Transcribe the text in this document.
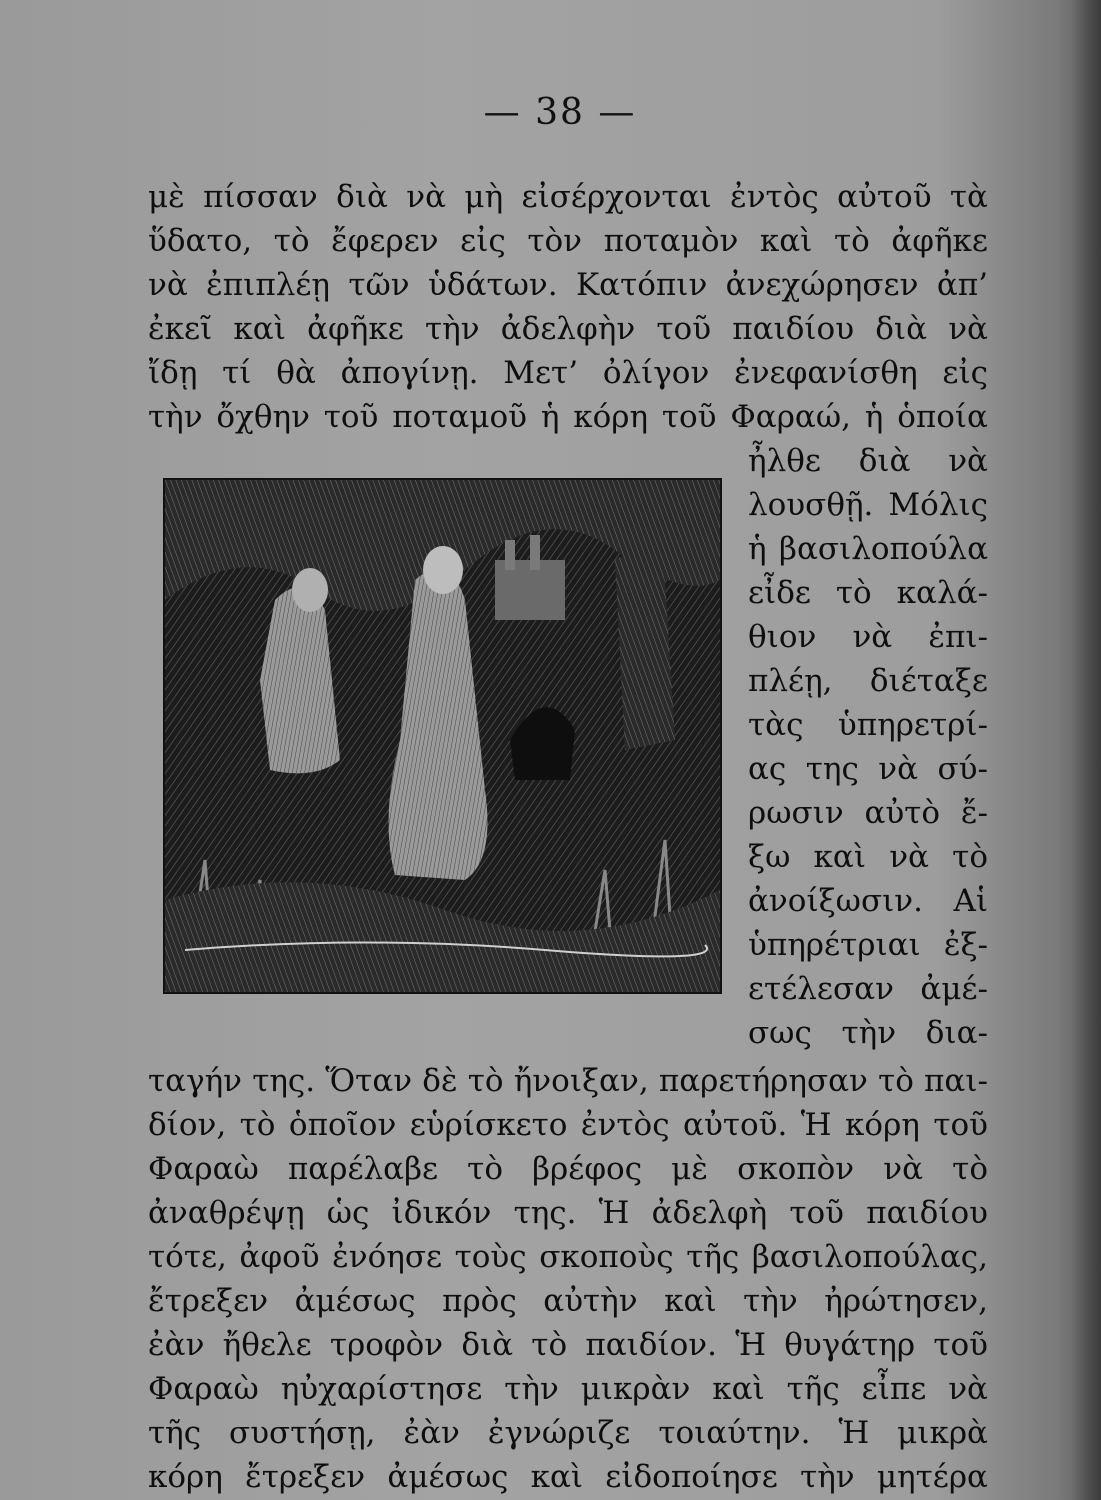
— 38 —
μὲ πίσσαν διὰ νὰ μὴ εἰσέρχονται ἐντὸς αὐτοῦ τὰ
ὕδατο, τὸ ἔφερεν εἰς τὸν ποταμὸν καὶ τὸ ἀφῆκε
νὰ ἐπιπλέῃ τῶν ὑδάτων. Κατόπιν ἀνεχώρησεν ἀπ’
ἐκεῖ καὶ ἀφῆκε τὴν ἀδελφὴν τοῦ παιδίου διὰ νὰ
ἴδῃ τί θὰ ἀπογίνῃ. Μετ’ ὀλίγον ἐνεφανίσθη εἰς
τὴν ὄχθην τοῦ ποταμοῦ ἡ κόρη τοῦ Φαραώ, ἡ ὁποία
ἦλθε διὰ νὰ
λουσθῇ. Μόλις
ἡ βασιλοπούλα
εἶδε τὸ καλά-
θιον νὰ ἐπι-
πλέῃ, διέταξε
τὰς ὑπηρετρί-
ας της νὰ σύ-
ρωσιν αὐτὸ ἔ-
ξω καὶ νὰ τὸ
ἀνοίξωσιν. Αἱ
ὑπηρέτριαι ἐξ-
ετέλεσαν ἀμέ-
σως τὴν δια-
ταγήν της. Ὅταν δὲ τὸ ἤνοιξαν, παρετήρησαν τὸ παι-
δίον, τὸ ὁποῖον εὑρίσκετο ἐντὸς αὐτοῦ. Ἡ κόρη τοῦ
Φαραὼ παρέλαβε τὸ βρέφος μὲ σκοπὸν νὰ τὸ
ἀναθρέψῃ ὡς ἰδικόν της. Ἡ ἀδελφὴ τοῦ παιδίου
τότε, ἀφοῦ ἐνόησε τοὺς σκοποὺς τῆς βασιλοπούλας,
ἔτρεξεν ἀμέσως πρὸς αὐτὴν καὶ τὴν ἠρώτησεν,
ἐὰν ἤθελε τροφὸν διὰ τὸ παιδίον. Ἡ θυγάτηρ τοῦ
Φαραὼ ηὐχαρίστησε τὴν μικρὰν καὶ τῆς εἶπε νὰ
τῆς συστήσῃ, ἐὰν ἐγνώριζε τοιαύτην. Ἡ μικρὰ
κόρη ἔτρεξεν ἀμέσως καὶ εἰδοποίησε τὴν μητέρα
